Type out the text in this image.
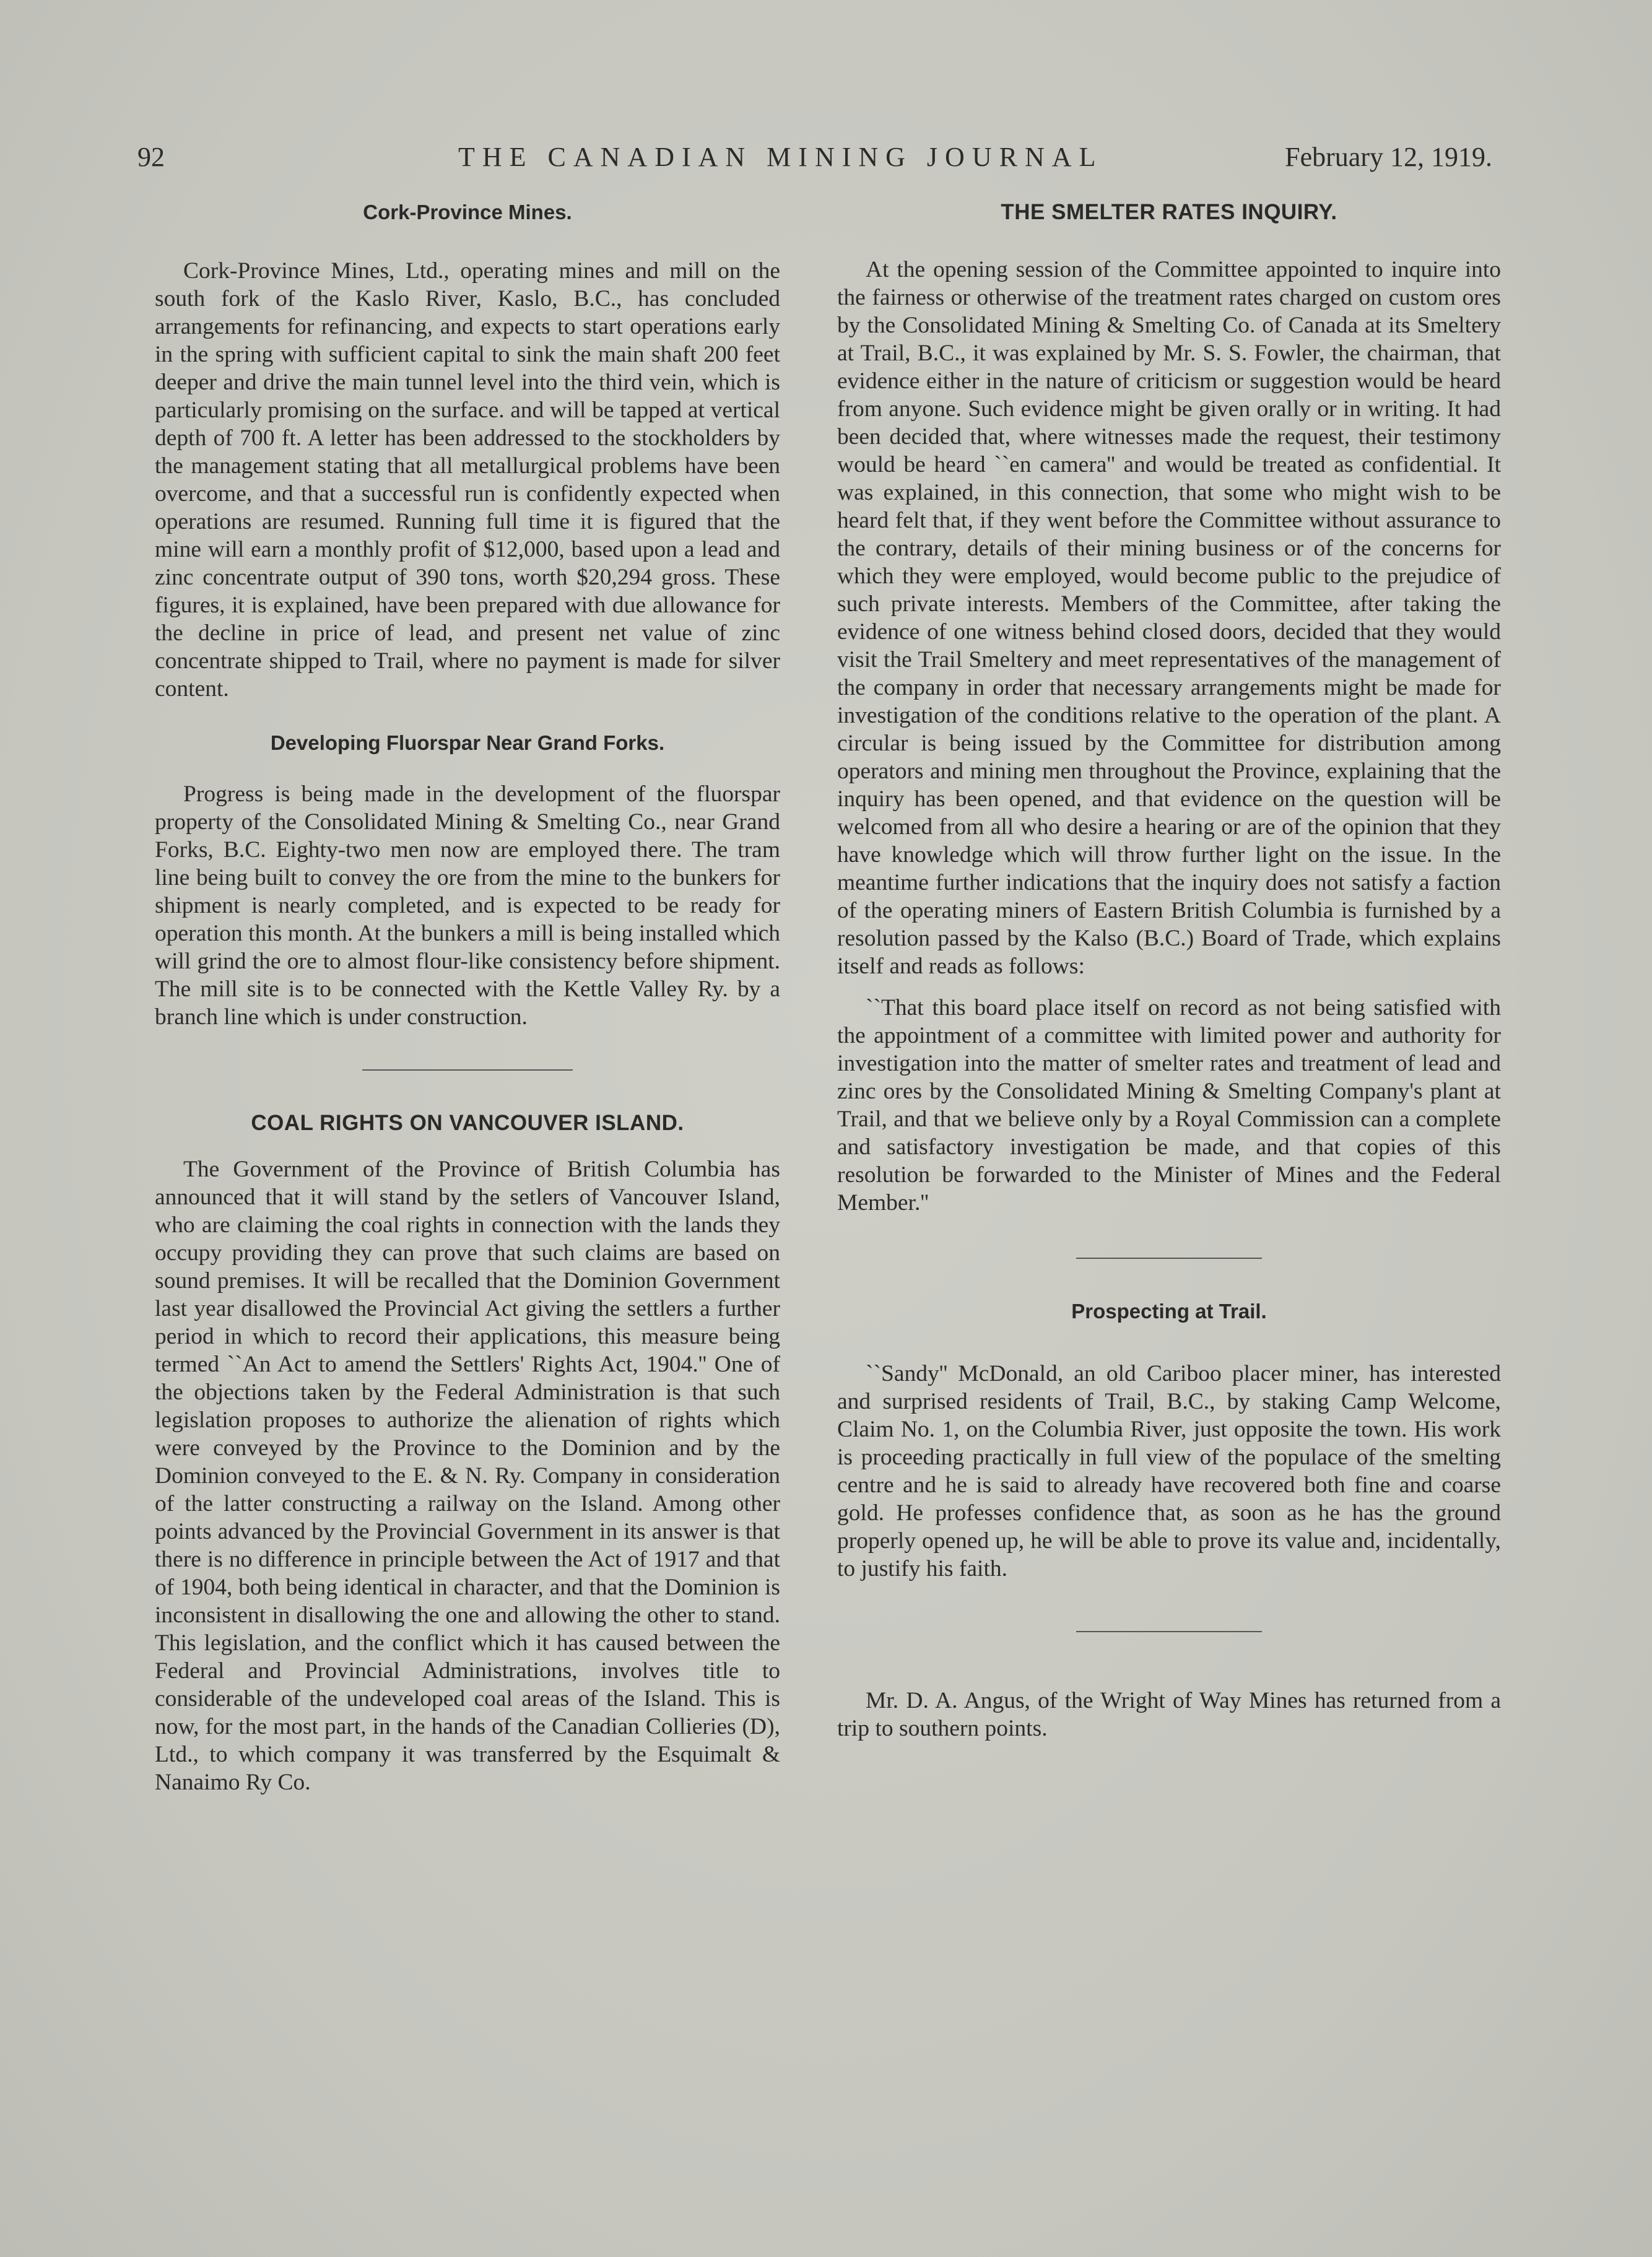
92	THE CANADIAN MINING JOURNAL	February 12, 1919.
Cork-Province Mines.

Cork-Province Mines, Ltd., operating mines and mill on the south fork of the Kaslo River, Kaslo, B.C., has concluded arrangements for refinancing, and expects to start operations early in the spring with sufficient capital to sink the main shaft 200 feet deeper and drive the main tunnel level into the third vein, which is particularly promising on the surface. and will be tapped at vertical depth of 700 ft. A letter has been addressed to the stockholders by the management stating that all metallurgical problems have been overcome, and that a successful run is confidently expected when operations are resumed. Running full time it is figured that the mine will earn a monthly profit of $12,000, based upon a lead and zinc concentrate output of 390 tons, worth $20,294 gross. These figures, it is explained, have been prepared with due allowance for the decline in price of lead, and present net value of zinc concentrate shipped to Trail, where no payment is made for silver content.

Developing Fluorspar Near Grand Forks.

Progress is being made in the development of the fluorspar property of the Consolidated Mining & Smelting Co., near Grand Forks, B.C. Eighty-two men now are employed there. The tram line being built to convey the ore from the mine to the bunkers for shipment is nearly completed, and is expected to be ready for operation this month. At the bunkers a mill is being installed which will grind the ore to almost flour-like consistency before shipment. The mill site is to be connected with the Kettle Valley Ry. by a branch line which is under construction.

COAL RIGHTS ON VANCOUVER ISLAND.

The Government of the Province of British Columbia has announced that it will stand by the setlers of Vancouver Island, who are claiming the coal rights in connection with the lands they occupy providing they can prove that such claims are based on sound premises. It will be recalled that the Dominion Government last year disallowed the Provincial Act giving the settlers a further period in which to record their applications, this measure being termed ``An Act to amend the Settlers' Rights Act, 1904.'' One of the objections taken by the Federal Administration is that such legislation proposes to authorize the alienation of rights which were conveyed by the Province to the Dominion and by the Dominion conveyed to the E. & N. Ry. Company in consideration of the latter constructing a railway on the Island. Among other points advanced by the Provincial Government in its answer is that there is no difference in principle between the Act of 1917 and that of 1904, both being identical in character, and that the Dominion is inconsistent in disallowing the one and allowing the other to stand. This legislation, and the conflict which it has caused between the Federal and Provincial Administrations, involves title to considerable of the undeveloped coal areas of the Island. This is now, for the most part, in the hands of the Canadian Collieries (D), Ltd., to which company it was transferred by the Esquimalt & Nanaimo Ry Co.

THE SMELTER RATES INQUIRY.

At the opening session of the Committee appointed to inquire into the fairness or otherwise of the treatment rates charged on custom ores by the Consolidated Mining & Smelting Co. of Canada at its Smeltery at Trail, B.C., it was explained by Mr. S. S. Fowler, the chairman, that evidence either in the nature of criticism or suggestion would be heard from anyone. Such evidence might be given orally or in writing. It had been decided that, where witnesses made the request, their testimony would be heard ``en camera'' and would be treated as confidential. It was explained, in this connection, that some who might wish to be heard felt that, if they went before the Committee without assurance to the contrary, details of their mining business or of the concerns for which they were employed, would become public to the prejudice of such private interests. Members of the Committee, after taking the evidence of one witness behind closed doors, decided that they would visit the Trail Smeltery and meet representatives of the management of the company in order that necessary arrangements might be made for investigation of the conditions relative to the operation of the plant. A circular is being issued by the Committee for distribution among operators and mining men throughout the Province, explaining that the inquiry has been opened, and that evidence on the question will be welcomed from all who desire a hearing or are of the opinion that they have knowledge which will throw further light on the issue. In the meantime further indications that the inquiry does not satisfy a faction of the operating miners of Eastern British Columbia is furnished by a resolution passed by the Kalso (B.C.) Board of Trade, which explains itself and reads as follows:

``That this board place itself on record as not being satisfied with the appointment of a committee with limited power and authority for investigation into the matter of smelter rates and treatment of lead and zinc ores by the Consolidated Mining & Smelting Company's plant at Trail, and that we believe only by a Royal Commission can a complete and satisfactory investigation be made, and that copies of this resolution be forwarded to the Minister of Mines and the Federal Member.''

Prospecting at Trail.

``Sandy'' McDonald, an old Cariboo placer miner, has interested and surprised residents of Trail, B.C., by staking Camp Welcome, Claim No. 1, on the Columbia River, just opposite the town. His work is proceeding practically in full view of the populace of the smelting centre and he is said to already have recovered both fine and coarse gold. He professes confidence that, as soon as he has the ground properly opened up, he will be able to prove its value and, incidentally, to justify his faith.

Mr. D. A. Angus, of the Wright of Way Mines has returned from a trip to southern points.
